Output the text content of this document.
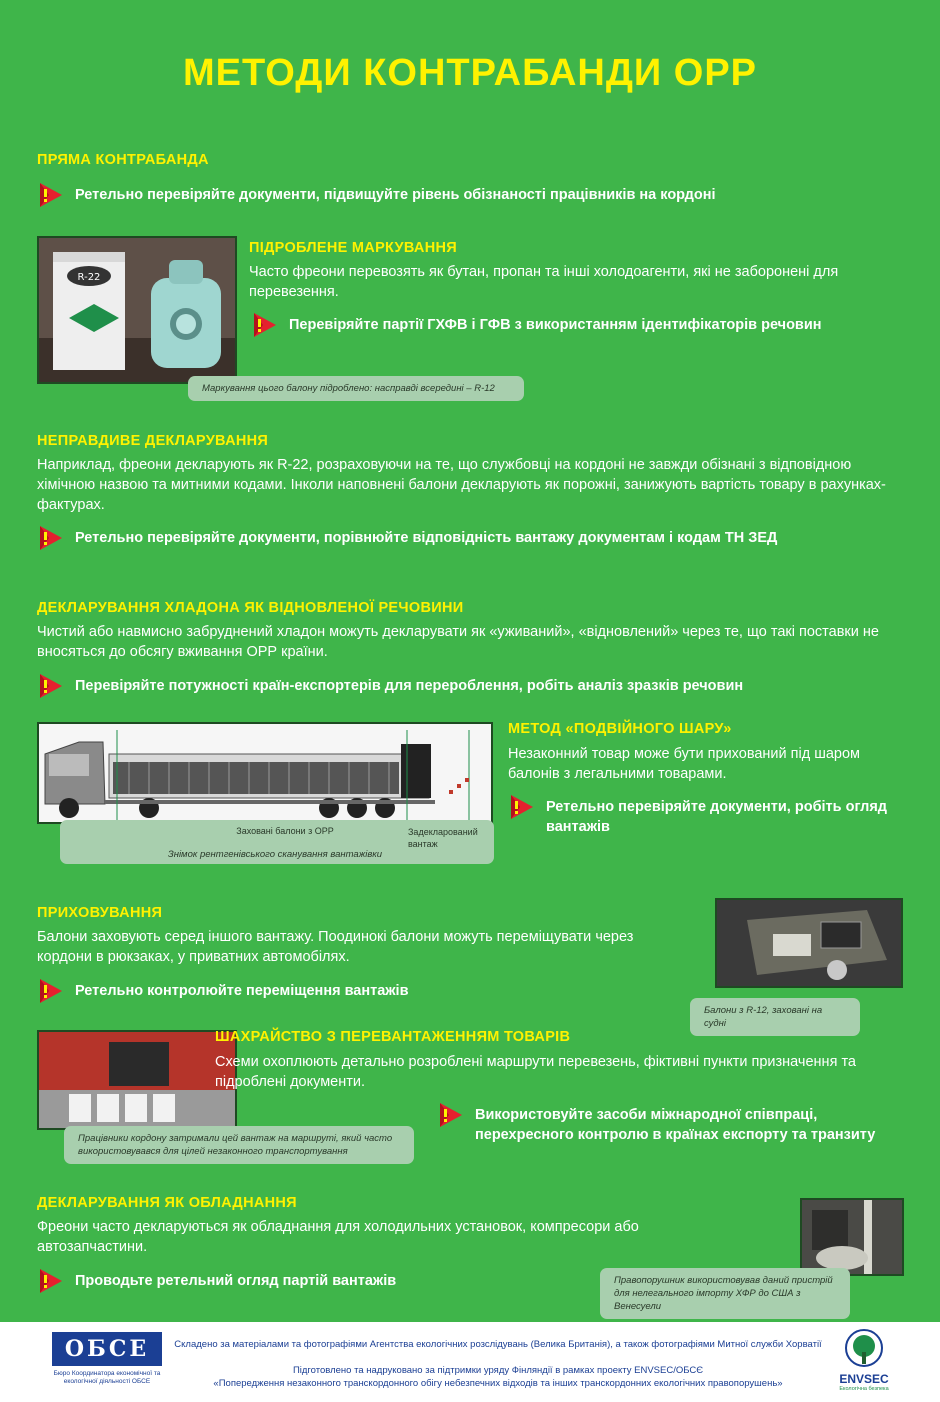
МЕТОДИ КОНТРАБАНДИ ОРР
ПРЯМА КОНТРАБАНДА
Ретельно перевіряйте документи, підвищуйте рівень обізнаності працівників на кордоні
R-22
Маркування цього балону підроблено: насправді всередині – R-12
ПІДРОБЛЕНЕ МАРКУВАННЯ
Часто фреони перевозять як бутан, пропан та інші холодоагенти, які не заборонені для перевезення.
Перевіряйте партії ГХФВ і ГФВ з використанням ідентифікаторів речовин
НЕПРАВДИВЕ ДЕКЛАРУВАННЯ
Наприклад, фреони декларують як R-22, розраховуючи на те, що службовці на кордоні не завжди обізнані з відповідною хімічною назвою та митними кодами. Інколи наповнені балони декларують як порожні, занижують вартість товару в рахунках-фактурах.
Ретельно перевіряйте документи, порівнюйте відповідність вантажу документам і кодам ТН ЗЕД
ДЕКЛАРУВАННЯ ХЛАДОНА ЯК ВІДНОВЛЕНОЇ РЕЧОВИНИ
Чистий або навмисно забруднений хладон можуть декларувати як «уживаний», «відновлений» через те, що такі поставки не вносяться до обсягу вживання ОРР країни.
Перевіряйте потужності країн-експортерів для перероблення, робіть аналіз зразків речовин
Заховані балони з ОРР	Задекларований вантаж
Знімок рентгенівського сканування вантажівки
МЕТОД «ПОДВІЙНОГО ШАРУ»
Незаконний товар може бути прихований під шаром балонів з легальними товарами.
Ретельно перевіряйте документи, робіть огляд вантажів
ПРИХОВУВАННЯ
Балони заховують серед іншого вантажу. Поодинокі балони можуть переміщувати через кордони в рюкзаках, у приватних автомобілях.
Ретельно контролюйте переміщення вантажів
Балони з R-12, заховані на судні
Працівники кордону затримали цей вантаж на маршруті, який часто використовувався для цілей незаконного транспортування
ШАХРАЙСТВО З ПЕРЕВАНТАЖЕННЯМ ТОВАРІВ
Схеми охоплюють детально розроблені маршрути перевезень, фіктивні пункти призначення та підроблені документи.
Використовуйте засоби міжнародної співпраці, перехресного контролю в країнах експорту та транзиту
ДЕКЛАРУВАННЯ ЯК ОБЛАДНАННЯ
Фреони часто декларуються як обладнання для холодильних установок, компресори або автозапчастини.
Проводьте ретельний огляд партій вантажів	Правопорушник використовував даний пристрій для нелегального імпорту ХФР до США з Венесуели
ОБСЕ
Бюро Координатора економічної та екологічної діяльності ОБСЕ
Складено за матеріалами та фотографіями Агентства екологічних розслідувань (Велика Британія), а також фотографіями Митної служби Хорватії
Підготовлено та надруковано за підтримки уряду Фінляндії в рамках проекту ENVSEC/ОБСЄ
«Попередження незаконного транскордонного обігу небезпечних відходів та інших транскордонних екологічних правопорушень»	ENVSEC
Екологічна безпека
